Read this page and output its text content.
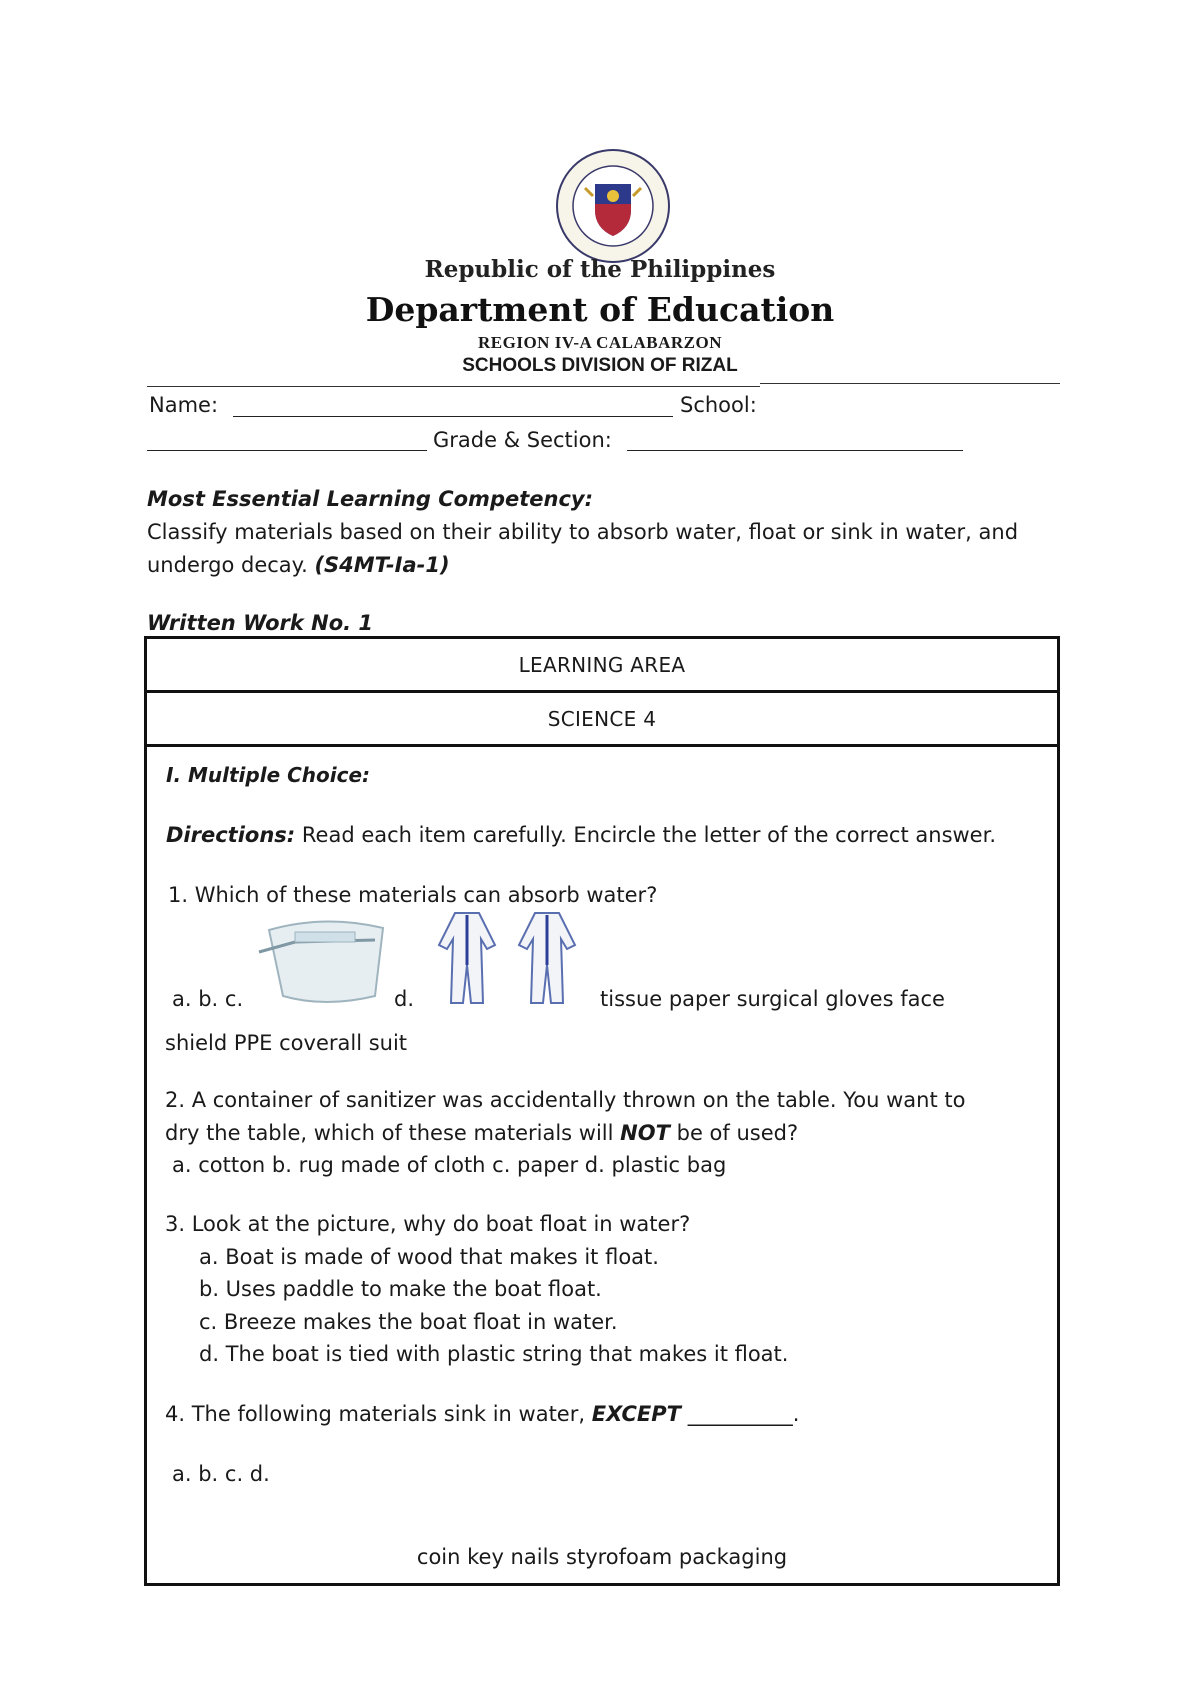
Republic of the Philippines
Department of Education
REGION IV-A CALABARZON
SCHOOLS DIVISION OF RIZAL
Name:	School:
Grade & Section:
Most Essential Learning Competency:
Classify materials based on their ability to absorb water, float or sink in water, and
undergo decay. (S4MT-Ia-1)
Written Work No. 1
LEARNING AREA
SCIENCE 4
I. Multiple Choice:
Directions: Read each item carefully. Encircle the letter of the correct answer.
1. Which of these materials can absorb water?
a. b. c.	d.	tissue paper surgical gloves face
shield PPE coverall suit
2. A container of sanitizer was accidentally thrown on the table. You want to
dry the table, which of these materials will NOT be of used?
a. cotton b. rug made of cloth c. paper d. plastic bag
3. Look at the picture, why do boat float in water?
a. Boat is made of wood that makes it float.
b. Uses paddle to make the boat float.
c. Breeze makes the boat float in water.
d. The boat is tied with plastic string that makes it float.
4. The following materials sink in water, EXCEPT __________.
a. b. c. d.
coin key nails styrofoam packaging
